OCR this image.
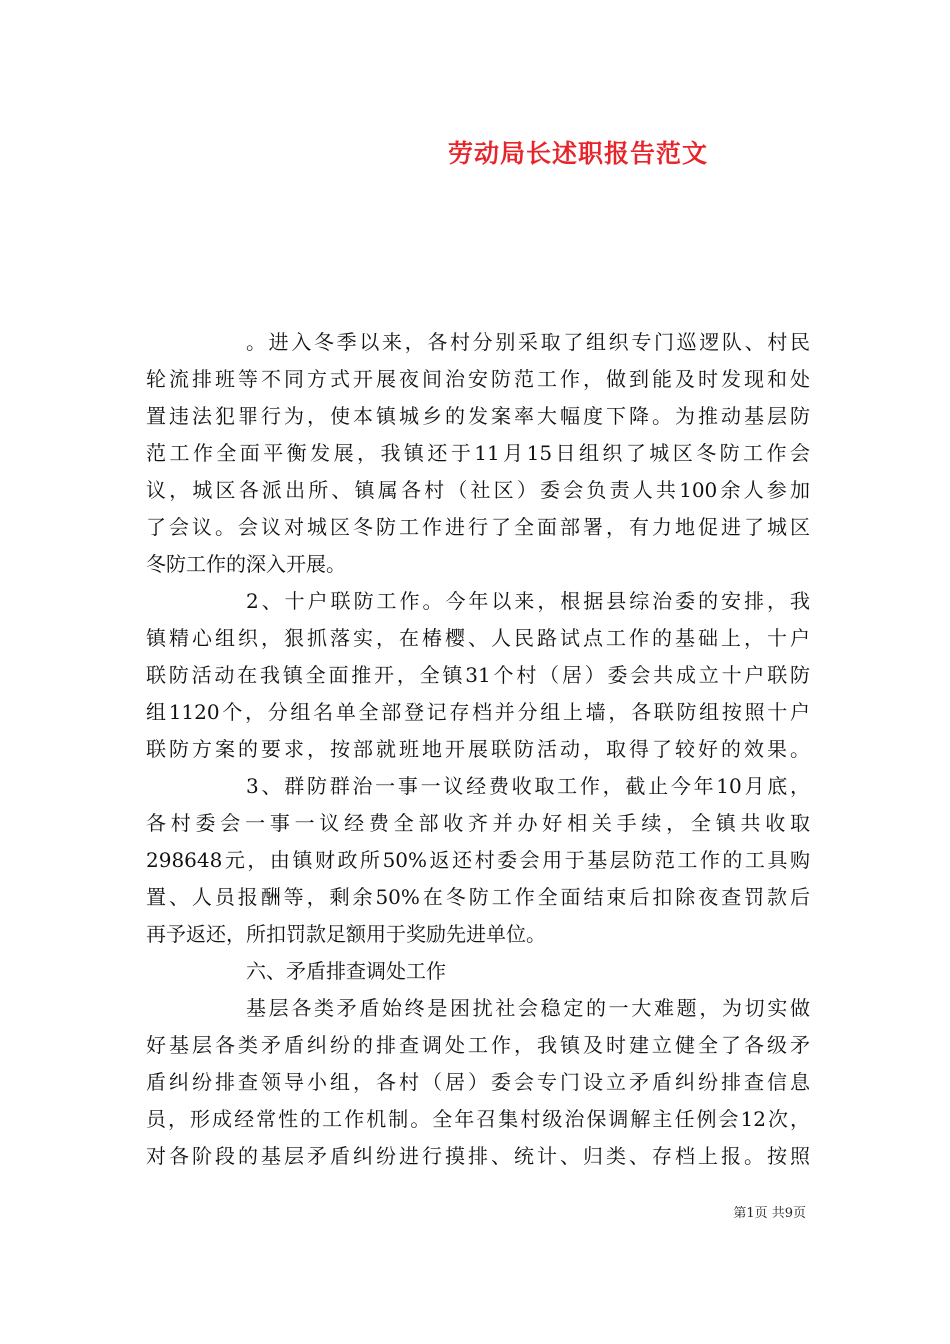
劳动局长述职报告范文
。进入冬季以来，各村分别采取了组织专门巡逻队、村民
轮流排班等不同方式开展夜间治安防范工作，做到能及时发现和处
置违法犯罪行为，使本镇城乡的发案率大幅度下降。为推动基层防
范工作全面平衡发展，我镇还于11月15日组织了城区冬防工作会
议，城区各派出所、镇属各村（社区）委会负责人共100余人参加
了会议。会议对城区冬防工作进行了全面部署，有力地促进了城区
冬防工作的深入开展。
2、十户联防工作。今年以来，根据县综治委的安排，我
镇精心组织，狠抓落实，在椿樱、人民路试点工作的基础上，十户
联防活动在我镇全面推开，全镇31个村（居）委会共成立十户联防
组1120个，分组名单全部登记存档并分组上墙，各联防组按照十户
联防方案的要求，按部就班地开展联防活动，取得了较好的效果。
3、群防群治一事一议经费收取工作，截止今年10月底，
各村委会一事一议经费全部收齐并办好相关手续，全镇共收取
298648元，由镇财政所50%返还村委会用于基层防范工作的工具购
置、人员报酬等，剩余50%在冬防工作全面结束后扣除夜查罚款后
再予返还，所扣罚款足额用于奖励先进单位。
六、矛盾排查调处工作
基层各类矛盾始终是困扰社会稳定的一大难题，为切实做
好基层各类矛盾纠纷的排查调处工作，我镇及时建立健全了各级矛
盾纠纷排查领导小组，各村（居）委会专门设立矛盾纠纷排查信息
员，形成经常性的工作机制。全年召集村级治保调解主任例会12次，
对各阶段的基层矛盾纠纷进行摸排、统计、归类、存档上报。按照
第1页 共9页
